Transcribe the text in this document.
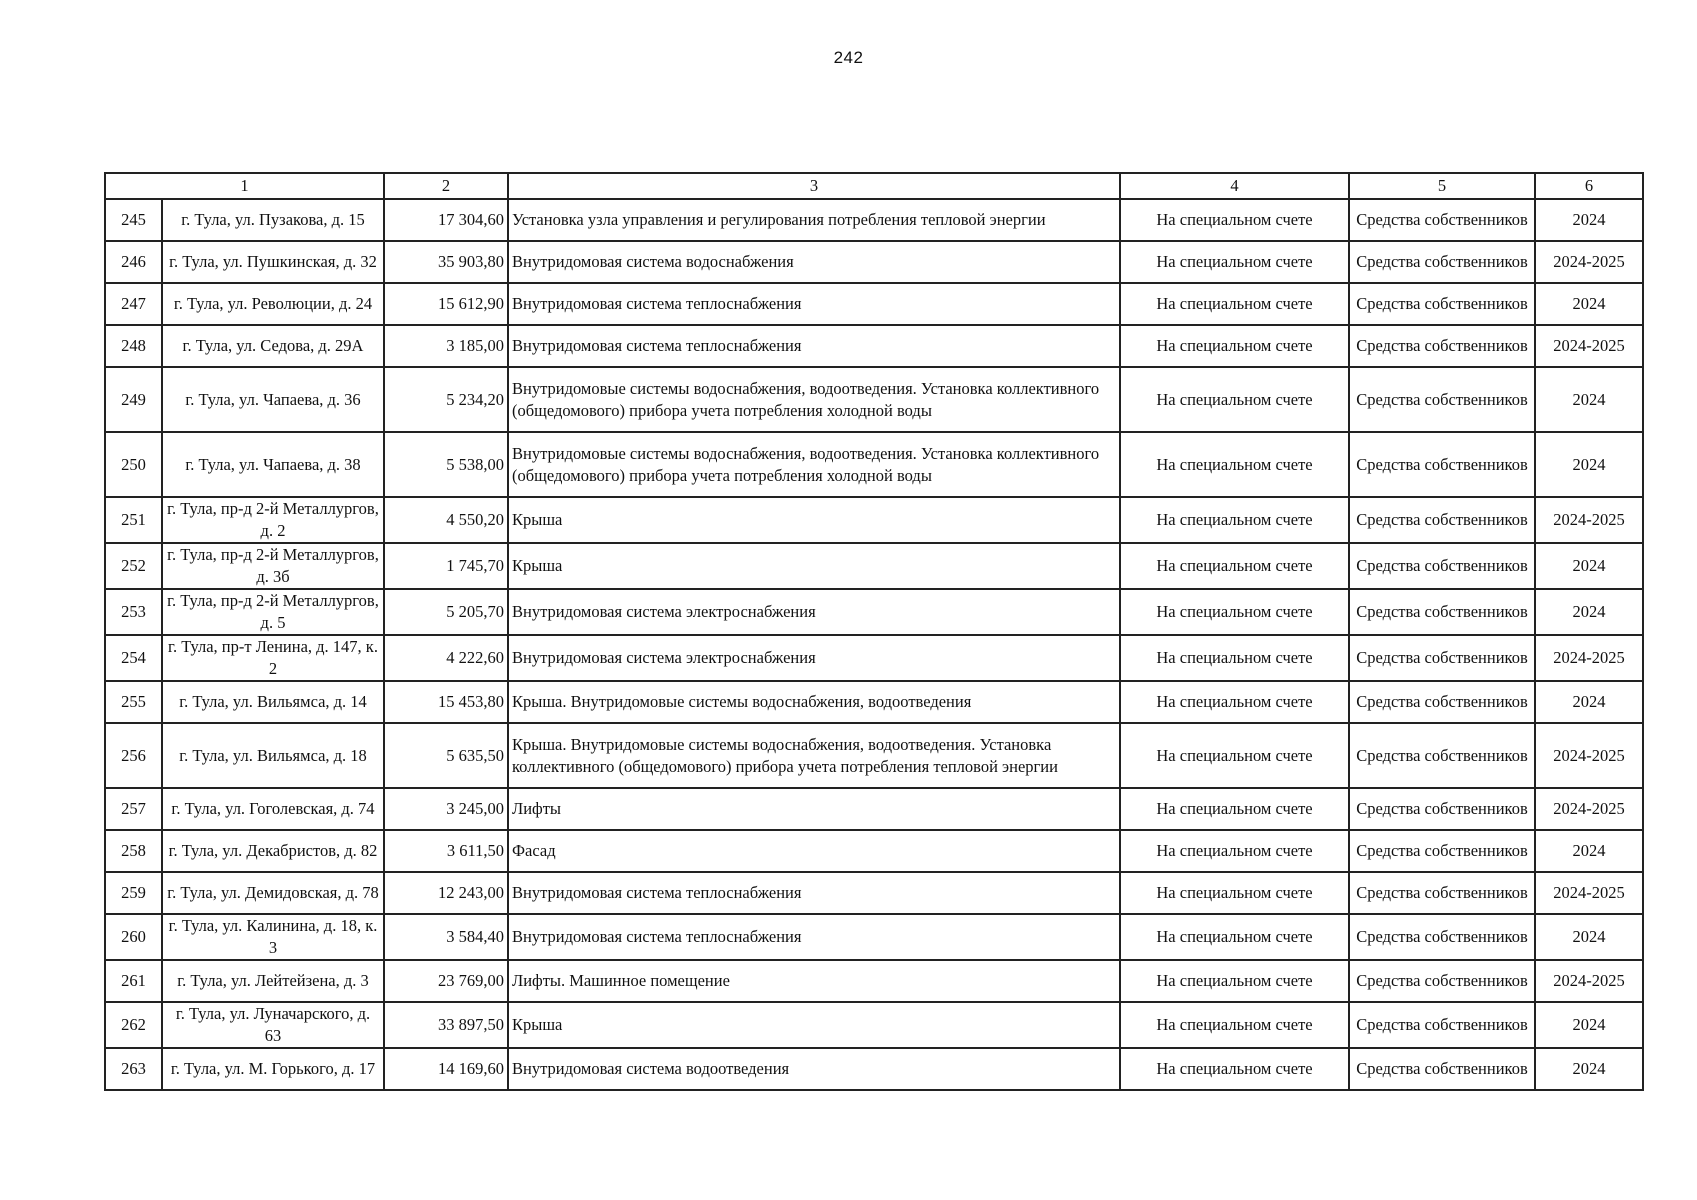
242
1		2	3	4	5	6
245	г. Тула, ул. Пузакова, д. 15	17 304,60	Установка узла управления и регулирования потребления тепловой энергии	На специальном счете	Средства собственников	2024
246	г. Тула, ул. Пушкинская, д. 32	35 903,80	Внутридомовая система водоснабжения	На специальном счете	Средства собственников	2024-2025
247	г. Тула, ул. Революции, д. 24	15 612,90	Внутридомовая система теплоснабжения	На специальном счете	Средства собственников	2024
248	г. Тула, ул. Седова, д. 29А	3 185,00	Внутридомовая система теплоснабжения	На специальном счете	Средства собственников	2024-2025
249	г. Тула, ул. Чапаева, д. 36	5 234,20	Внутридомовые системы водоснабжения, водоотведения. Установка коллективного (общедомового) прибора учета потребления холодной воды	На специальном счете	Средства собственников	2024
250	г. Тула, ул. Чапаева, д. 38	5 538,00	Внутридомовые системы водоснабжения, водоотведения. Установка коллективного (общедомового) прибора учета потребления холодной воды	На специальном счете	Средства собственников	2024
251	г. Тула, пр-д 2-й Металлургов, д. 2	4 550,20	Крыша	На специальном счете	Средства собственников	2024-2025
252	г. Тула, пр-д 2-й Металлургов, д. 3б	1 745,70	Крыша	На специальном счете	Средства собственников	2024
253	г. Тула, пр-д 2-й Металлургов, д. 5	5 205,70	Внутридомовая система электроснабжения	На специальном счете	Средства собственников	2024
254	г. Тула, пр-т Ленина, д. 147, к. 2	4 222,60	Внутридомовая система электроснабжения	На специальном счете	Средства собственников	2024-2025
255	г. Тула, ул. Вильямса, д. 14	15 453,80	Крыша. Внутридомовые системы водоснабжения, водоотведения	На специальном счете	Средства собственников	2024
256	г. Тула, ул. Вильямса, д. 18	5 635,50	Крыша. Внутридомовые системы водоснабжения, водоотведения. Установка коллективного (общедомового) прибора учета потребления тепловой энергии	На специальном счете	Средства собственников	2024-2025
257	г. Тула, ул. Гоголевская, д. 74	3 245,00	Лифты	На специальном счете	Средства собственников	2024-2025
258	г. Тула, ул. Декабристов, д. 82	3 611,50	Фасад	На специальном счете	Средства собственников	2024
259	г. Тула, ул. Демидовская, д. 78	12 243,00	Внутридомовая система теплоснабжения	На специальном счете	Средства собственников	2024-2025
260	г. Тула, ул. Калинина, д. 18, к. 3	3 584,40	Внутридомовая система теплоснабжения	На специальном счете	Средства собственников	2024
261	г. Тула, ул. Лейтейзена, д. 3	23 769,00	Лифты. Машинное помещение	На специальном счете	Средства собственников	2024-2025
262	г. Тула, ул. Луначарского, д. 63	33 897,50	Крыша	На специальном счете	Средства собственников	2024
263	г. Тула, ул. М. Горького, д. 17	14 169,60	Внутридомовая система водоотведения	На специальном счете	Средства собственников	2024
